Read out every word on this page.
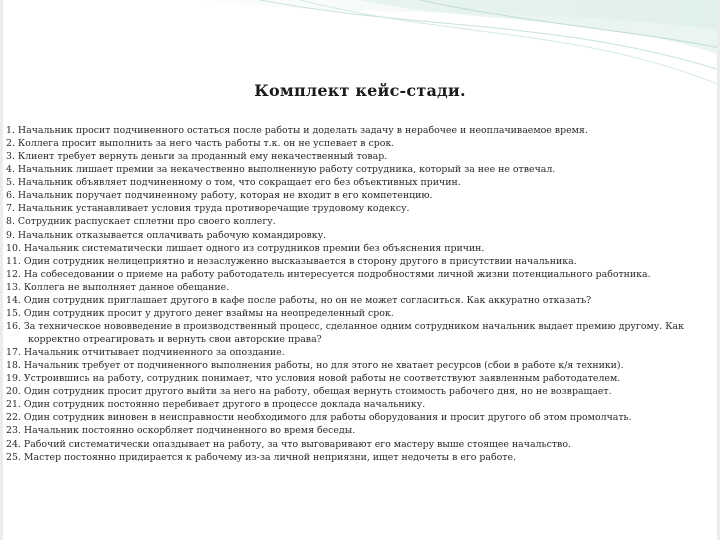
Комплект кейс-стади.
1. Начальник просит подчиненного остаться после работы и доделать задачу в нерабочее и неоплачиваемое время.
2. Коллега просит выполнить за него часть работы т.к. он не успевает в срок.
3. Клиент требует вернуть деньги за проданный ему некачественный товар.
4. Начальник лишает премии за некачественно выполненную работу сотрудника, который за нее не отвечал.
5. Начальник объявляет подчиненному о том, что сокращает его без объективных причин.
6. Начальник поручает подчиненному работу, которая не входит в его компетенцию.
7. Начальник устанавливает условия труда противоречащие трудовому кодексу.
8. Сотрудник распускает сплетни про своего коллегу.
9. Начальник отказывается оплачивать рабочую командировку.
10. Начальник систематически лишает одного из сотрудников премии без объяснения причин.
11. Один сотрудник нелицеприятно и незаслуженно высказывается в сторону другого в присутствии начальника.
12. На собеседовании о приеме на работу работодатель интересуется подробностями личной жизни потенциального работника.
13. Коллега не выполняет данное обещание.
14. Один сотрудник приглашает другого в кафе после работы, но он не может согласиться. Как аккуратно отказать?
15. Один сотрудник просит у другого денег взаймы на неопределенный срок.
16. За техническое нововведение в производственный процесс, сделанное одним сотрудником начальник выдает премию другому. Как корректно отреагировать и вернуть свои авторские права?
17. Начальник отчитывает подчиненного за опоздание.
18. Начальник требует от подчиненного выполнения работы, но для этого не хватает ресурсов (сбои в работе к/я техники).
19. Устроившись на работу, сотрудник понимает, что условия новой работы не соответствуют заявленным работодателем.
20. Один сотрудник просит другого выйти за него на работу, обещая вернуть стоимость рабочего дня, но не возвращает.
21. Один сотрудник постоянно перебивает другого в процессе доклада начальнику.
22. Один сотрудник виновен в неисправности необходимого для работы оборудования и просит другого об этом промолчать.
23. Начальник постоянно оскорбляет подчиненного во время беседы.
24. Рабочий систематически опаздывает на работу, за что выговаривают его мастеру выше стоящее начальство.
25. Мастер постоянно придирается к рабочему из-за личной неприязни, ищет недочеты в его работе.
